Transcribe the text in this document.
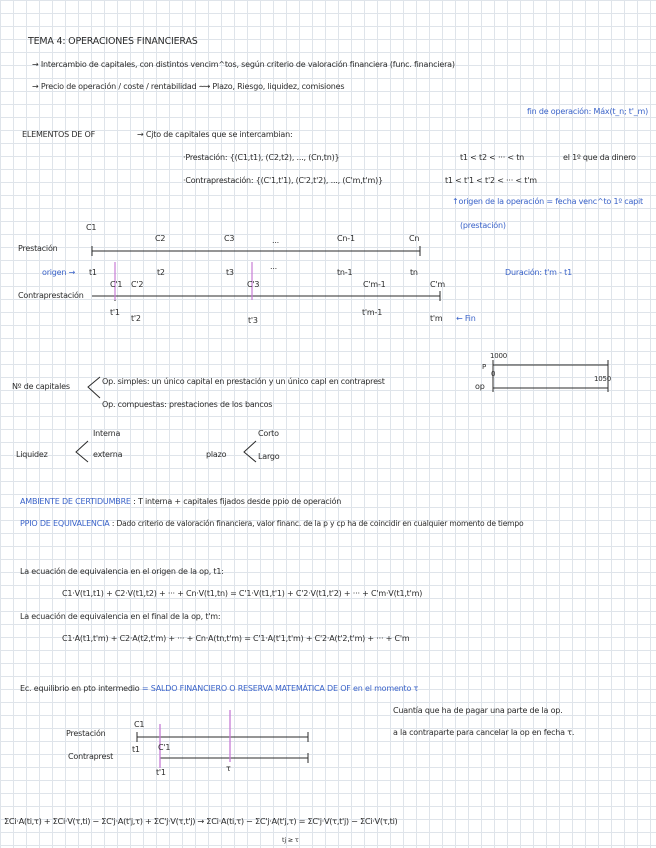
TEMA 4: OPERACIONES FINANCIERAS
→ Intercambio de capitales, con distintos vencim^tos, según criterio de valoración financiera (func. financiera)
→ Precio de operación / coste / rentabilidad ⟿ Plazo, Riesgo, liquidez, comisiones
fin de operación: Máx(t_n; t'_m)
ELEMENTOS DE OF	→ Cjto de capitales que se intercambian:
·Prestación: {(C1,t1), (C2,t2), ..., (Cn,tn)}	t1 < t2 < ··· < tn	el 1º que da dinero
·Contraprestación: {(C'1,t'1), (C'2,t'2), ..., (C'm,t'm)}	t1 < t'1 < t'2 < ··· < t'm
↑origen de la operación = fecha venc^to 1º capit
(prestación)
Prestación
Contraprestación
origen →
← Fin
Duración: t'm - t1
C1
C2	C3	...	Cn-1	Cn
t1	t2	t3
...
tn-1	tn
C'1 C'2	C'3	C'm-1	C'm
t'1
t'2	t'3
t'm-1
t'm
Nº de capitales
Op. simples: un único capital en prestación y un único capl en contraprest
op
Op. compuestas: prestaciones de los bancos
1000
P
0
1050
Liquidez
Interna
externa	plazo
Corto
Largo
AMBIENTE DE CERTIDUMBRE : T interna + capitales fijados desde ppio de operación
PPIO DE EQUIVALENCIA : Dado criterio de valoración financiera, valor financ. de la p y cp ha de coincidir en cualquier momento de tiempo
La ecuación de equivalencia en el origen de la op, t1:
C1·V(t1,t1) + C2·V(t1,t2) + ··· + Cn·V(t1,tn) = C'1·V(t1,t'1) + C'2·V(t1,t'2) + ··· + C'm·V(t1,t'm)
La ecuación de equivalencia en el final de la op, t'm:
C1·A(t1,t'm) + C2·A(t2,t'm) + ··· + Cn·A(tn,t'm) = C'1·A(t'1,t'm) + C'2·A(t'2,t'm) + ··· + C'm
Ec. equilibrio en pto intermedio = SALDO FINANCIERO O RESERVA MATEMÁTICA DE OF en el momento τ
Cuantía que ha de pagar una parte de la op.
a la contraparte para cancelar la op en fecha τ.
Prestación
Contraprest
C1
t1 C'1
t'1	τ
ΣCi·A(ti,τ) + ΣCi·V(τ,ti) − ΣC'j·A(t'j,τ) + ΣC'j·V(τ,t'j) → ΣCi·A(ti,τ) − ΣC'j·A(t'j,τ) = ΣC'j·V(τ,t'j) − ΣCi·V(τ,ti)
tj ≥ τ
